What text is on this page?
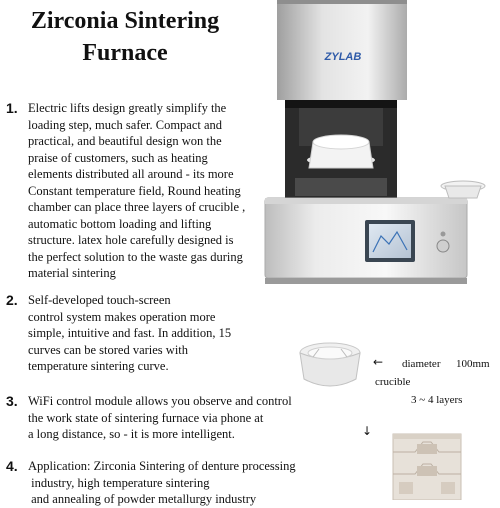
Zirconia Sintering
Furnace
1. Electric lifts design greatly simplify the
loading step, much safer. Compact and
practical, and beautiful design won the
praise of customers, such as heating
elements distributed all around - its more
Constant temperature field, Round heating
chamber can place three layers of crucible ,
automatic bottom loading and lifting
structure. latex hole carefully designed is
the perfect solution to the waste gas during
material sintering
2. Self-developed touch-screen
control system makes operation more
simple, intuitive and fast. In addition, 15
curves can be stored varies with
temperature sintering curve.
3. WiFi control module allows you observe and control
the work state of sintering furnace via phone at
a long distance, so - it is more intelligent.
4. Application: Zirconia Sintering of denture processing
industry, high temperature sintering
and annealing of powder metallurgy industry
ZYLAB
← diameter 100mm
crucible
3 ~ 4 layers
↓
